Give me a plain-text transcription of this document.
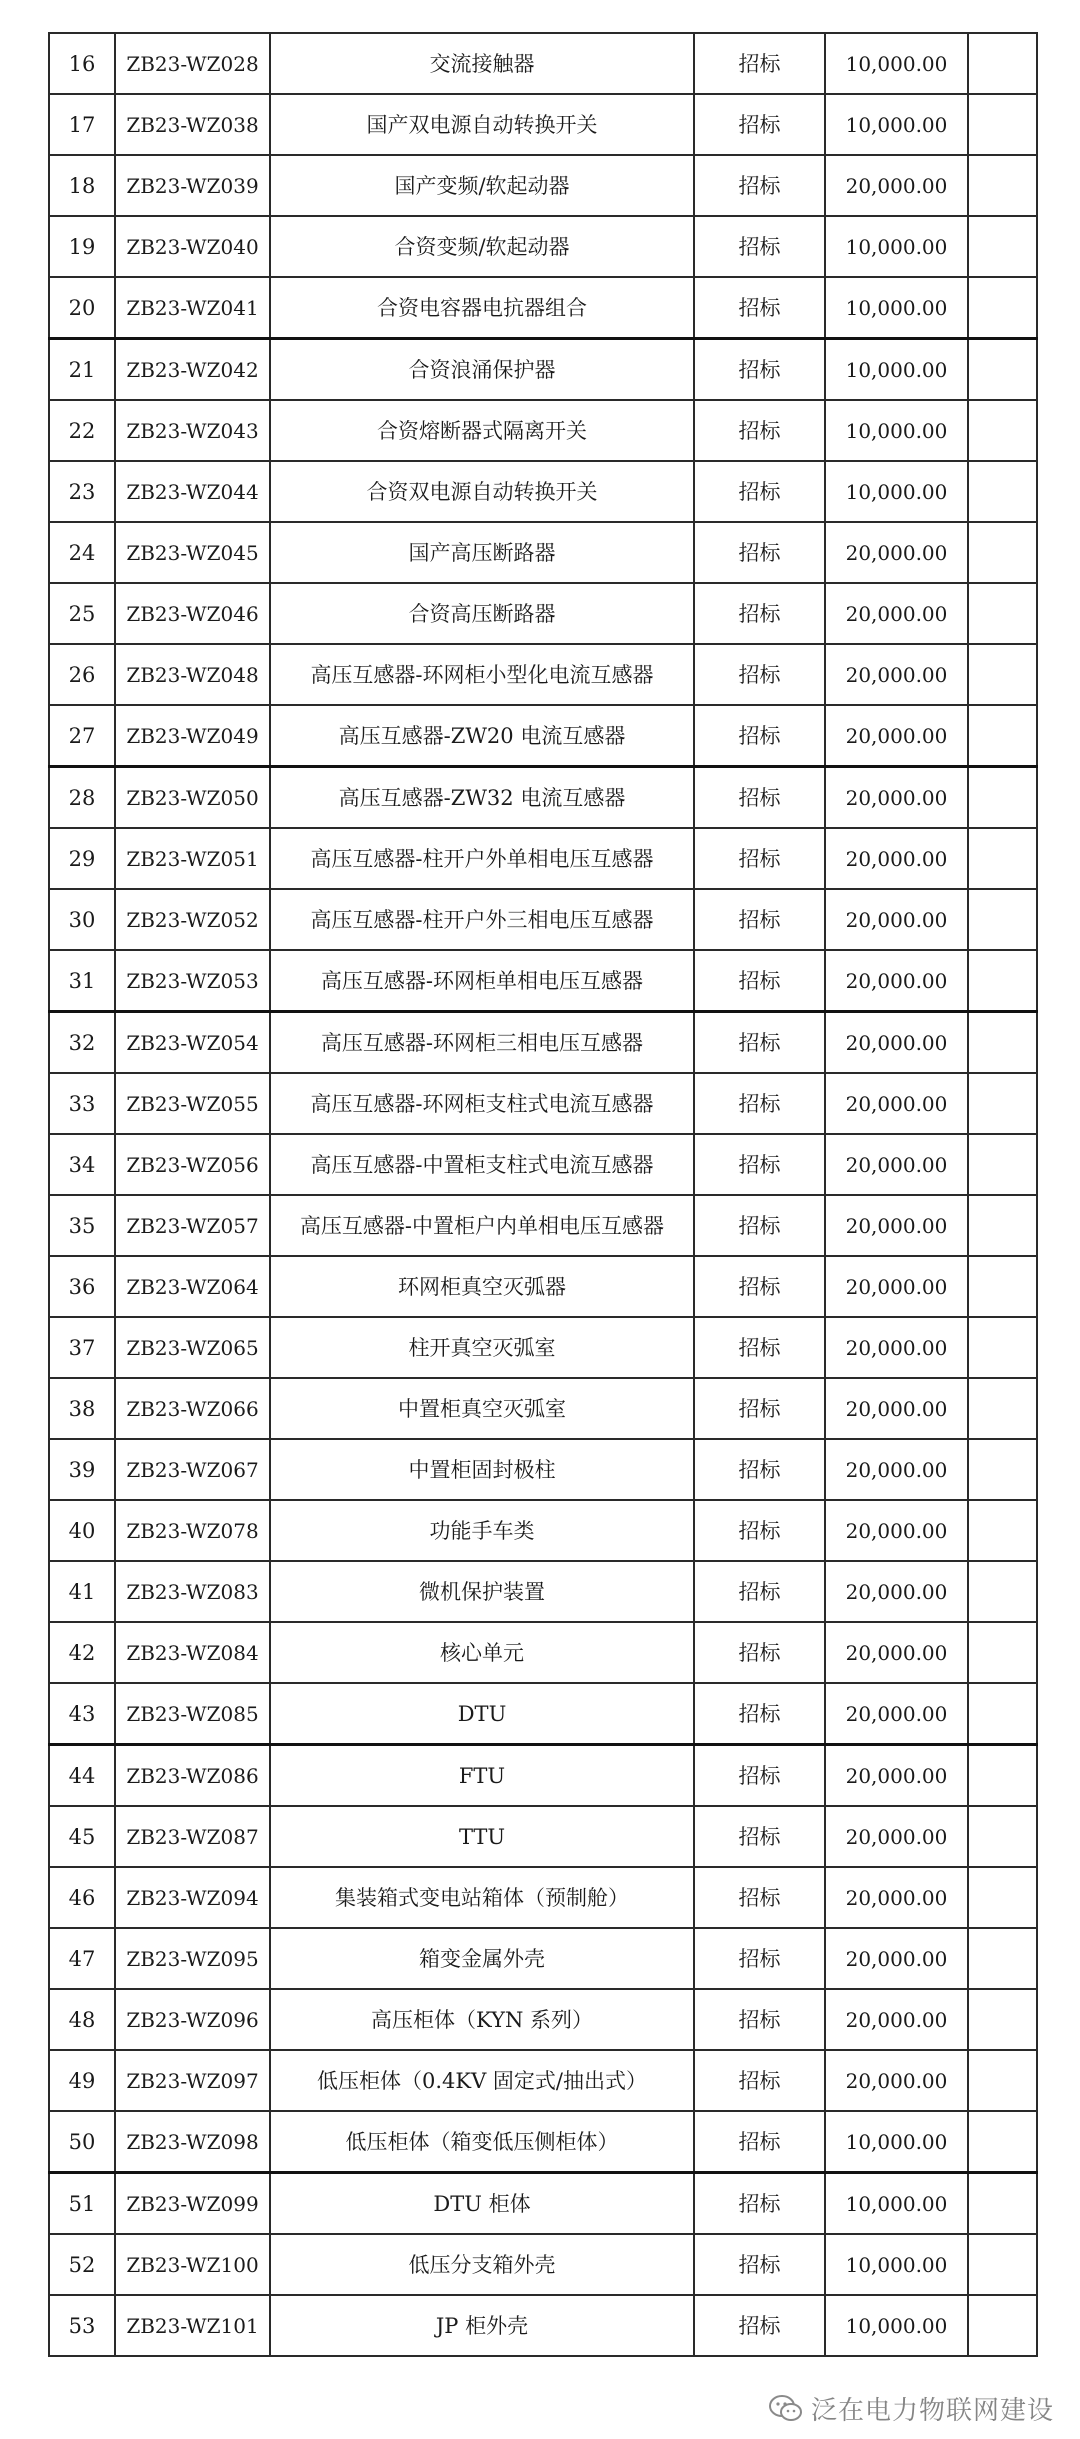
16	ZB23-WZ028	交流接触器	招标	10,000.00	
17	ZB23-WZ038	国产双电源自动转换开关	招标	10,000.00	
18	ZB23-WZ039	国产变频/软起动器	招标	20,000.00	
19	ZB23-WZ040	合资变频/软起动器	招标	10,000.00	
20	ZB23-WZ041	合资电容器电抗器组合	招标	10,000.00	
21	ZB23-WZ042	合资浪涌保护器	招标	10,000.00	
22	ZB23-WZ043	合资熔断器式隔离开关	招标	10,000.00	
23	ZB23-WZ044	合资双电源自动转换开关	招标	10,000.00	
24	ZB23-WZ045	国产高压断路器	招标	20,000.00	
25	ZB23-WZ046	合资高压断路器	招标	20,000.00	
26	ZB23-WZ048	高压互感器-环网柜小型化电流互感器	招标	20,000.00	
27	ZB23-WZ049	高压互感器-ZW20 电流互感器	招标	20,000.00	
28	ZB23-WZ050	高压互感器-ZW32 电流互感器	招标	20,000.00	
29	ZB23-WZ051	高压互感器-柱开户外单相电压互感器	招标	20,000.00	
30	ZB23-WZ052	高压互感器-柱开户外三相电压互感器	招标	20,000.00	
31	ZB23-WZ053	高压互感器-环网柜单相电压互感器	招标	20,000.00	
32	ZB23-WZ054	高压互感器-环网柜三相电压互感器	招标	20,000.00	
33	ZB23-WZ055	高压互感器-环网柜支柱式电流互感器	招标	20,000.00	
34	ZB23-WZ056	高压互感器-中置柜支柱式电流互感器	招标	20,000.00	
35	ZB23-WZ057	高压互感器-中置柜户内单相电压互感器	招标	20,000.00	
36	ZB23-WZ064	环网柜真空灭弧器	招标	20,000.00	
37	ZB23-WZ065	柱开真空灭弧室	招标	20,000.00	
38	ZB23-WZ066	中置柜真空灭弧室	招标	20,000.00	
39	ZB23-WZ067	中置柜固封极柱	招标	20,000.00	
40	ZB23-WZ078	功能手车类	招标	20,000.00	
41	ZB23-WZ083	微机保护装置	招标	20,000.00	
42	ZB23-WZ084	核心单元	招标	20,000.00	
43	ZB23-WZ085	DTU	招标	20,000.00	
44	ZB23-WZ086	FTU	招标	20,000.00	
45	ZB23-WZ087	TTU	招标	20,000.00	
46	ZB23-WZ094	集装箱式变电站箱体（预制舱）	招标	20,000.00	
47	ZB23-WZ095	箱变金属外壳	招标	20,000.00	
48	ZB23-WZ096	高压柜体（KYN 系列）	招标	20,000.00	
49	ZB23-WZ097	低压柜体（0.4KV 固定式/抽出式）	招标	20,000.00	
50	ZB23-WZ098	低压柜体（箱变低压侧柜体）	招标	10,000.00	
51	ZB23-WZ099	DTU 柜体	招标	10,000.00	
52	ZB23-WZ100	低压分支箱外壳	招标	10,000.00	
53	ZB23-WZ101	JP 柜外壳	招标	10,000.00	
泛在电力物联网建设
